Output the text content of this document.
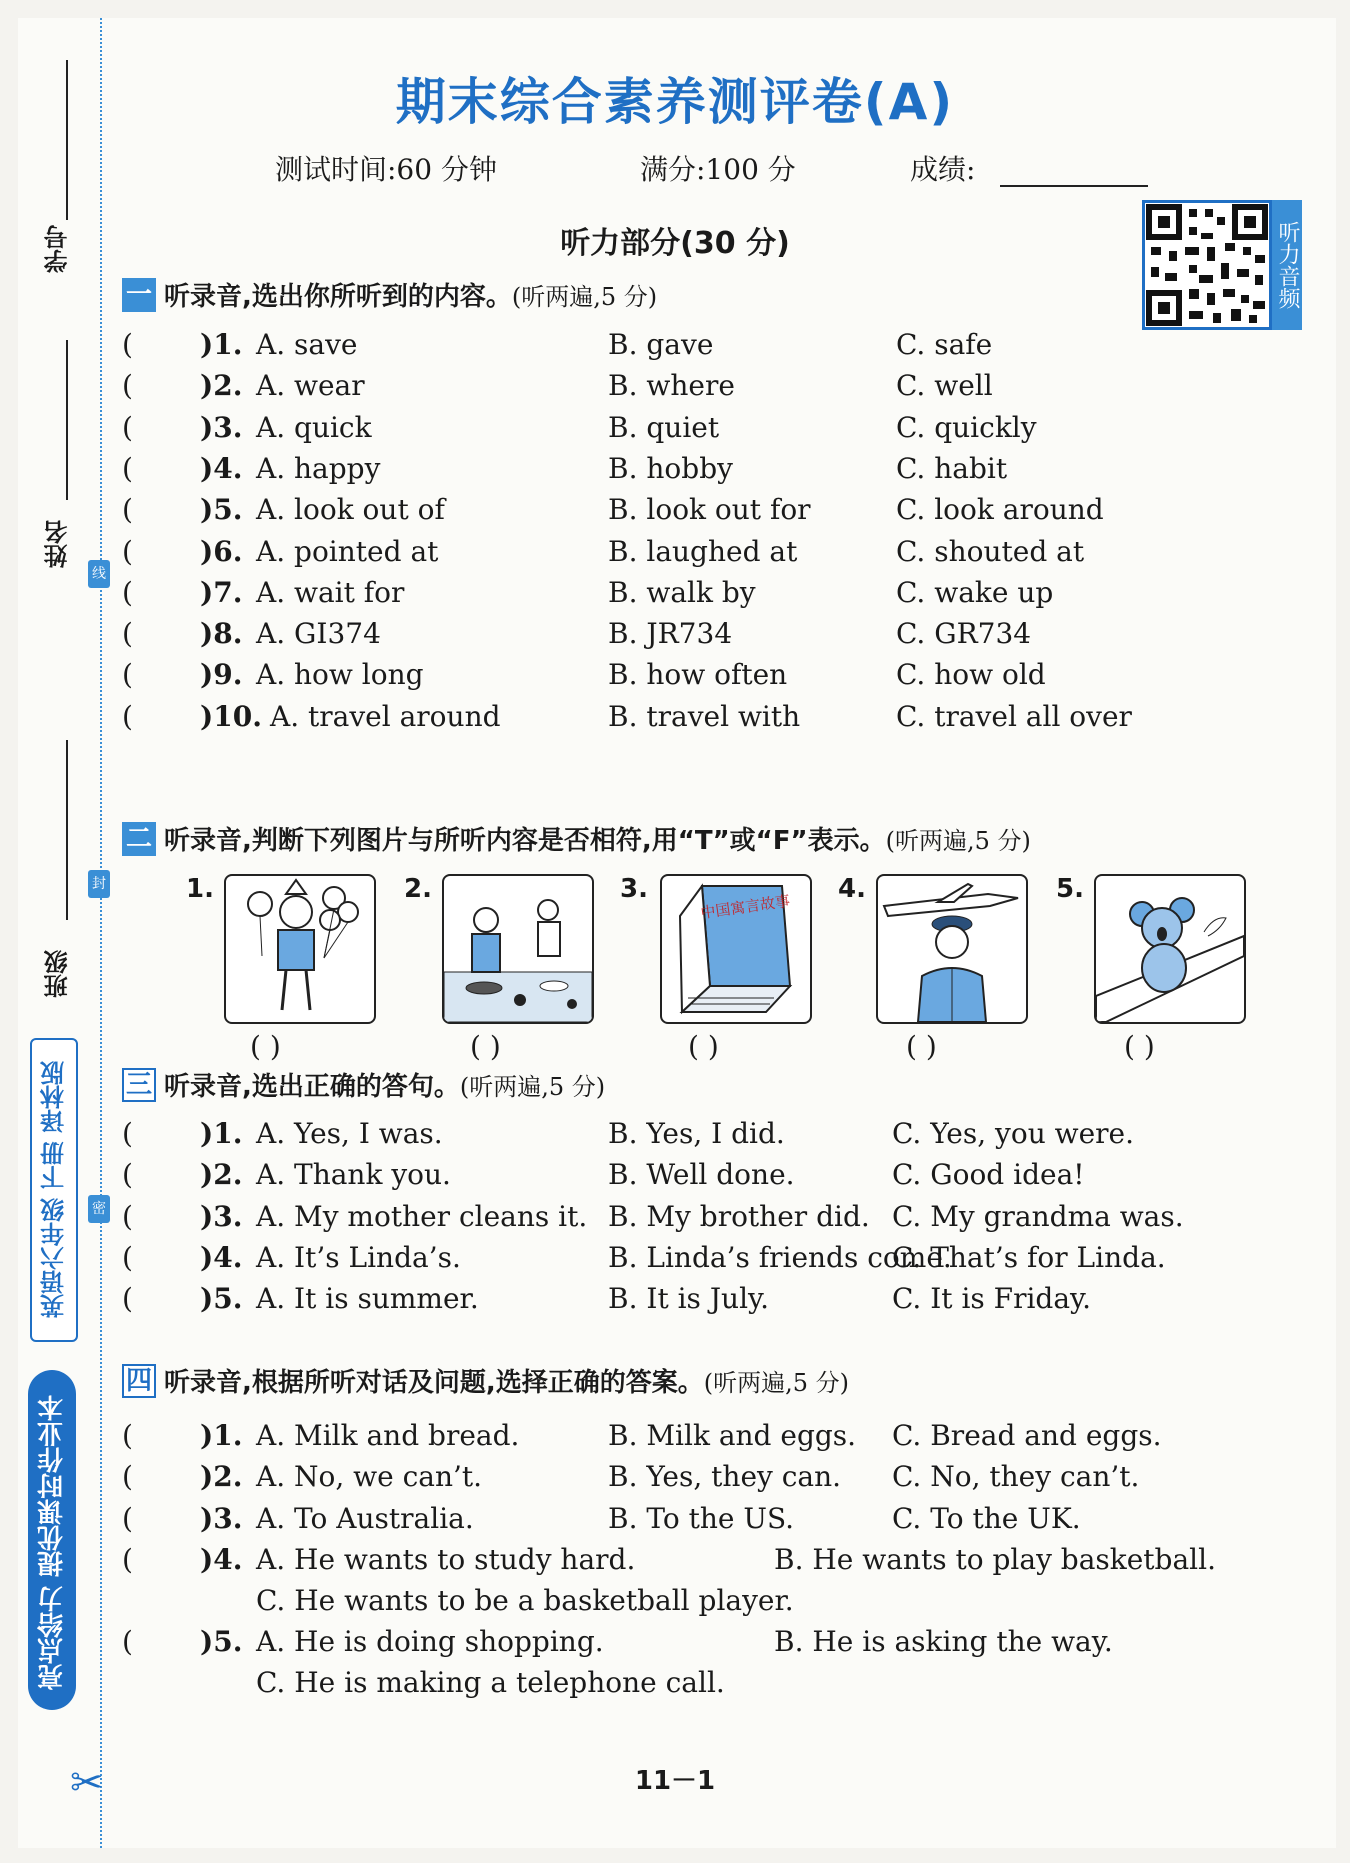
学号
姓名
班级
线
封
密
亮点给力 提优课时作业本
英语六年级 下册 译林版
✂
期末综合素养测评卷(A)
测试时间:60 分钟	满分:100 分	成绩:
听力音频
听力部分(30 分)
一 听录音,选出你所听到的内容。 (听两遍,5 分)
( )1. A. save	B. gave	C. safe
( )2. A. wear	B. where	C. well
( )3. A. quick	B. quiet	C. quickly
( )4. A. happy	B. hobby	C. habit
( )5. A. look out of	B. look out for	C. look around
( )6. A. pointed at	B. laughed at	C. shouted at
( )7. A. wait for	B. walk by	C. wake up
( )8. A. GI374	B. JR734	C. GR734
( )9. A. how long	B. how often	C. how old
( )10. A. travel around	B. travel with	C. travel all over
二 听录音,判断下列图片与所听内容是否相符,用“T”或“F”表示。 (听两遍,5 分)
1.
( )
2.
( )
3.
中国寓言故事
( )
4.
( )
5.
( )
三 听录音,选出正确的答句。 (听两遍,5 分)
( )1. A. Yes, I was.	B. Yes, I did.	C. Yes, you were.
( )2. A. Thank you.	B. Well done.	C. Good idea!
( )3. A. My mother cleans it. B. My brother did. C. My grandma was.
( )4. A. It’s Linda’s.	B. Linda’s friends come.
C. That’s for Linda.
( )5. A. It is summer.	B. It is July.	C. It is Friday.
四 听录音,根据所听对话及问题,选择正确的答案。 (听两遍,5 分)
( )1. A. Milk and bread.	B. Milk and eggs. C. Bread and eggs.
( )2. A. No, we can’t.	B. Yes, they can. C. No, they can’t.
( )3. A. To Australia.	B. To the US.	C. To the UK.
( )4. A. He wants to study hard.	B. He wants to play basketball.
C. He wants to be a basketball player.
( )5. A. He is doing shopping.	B. He is asking the way.
C. He is making a telephone call.
11－1
